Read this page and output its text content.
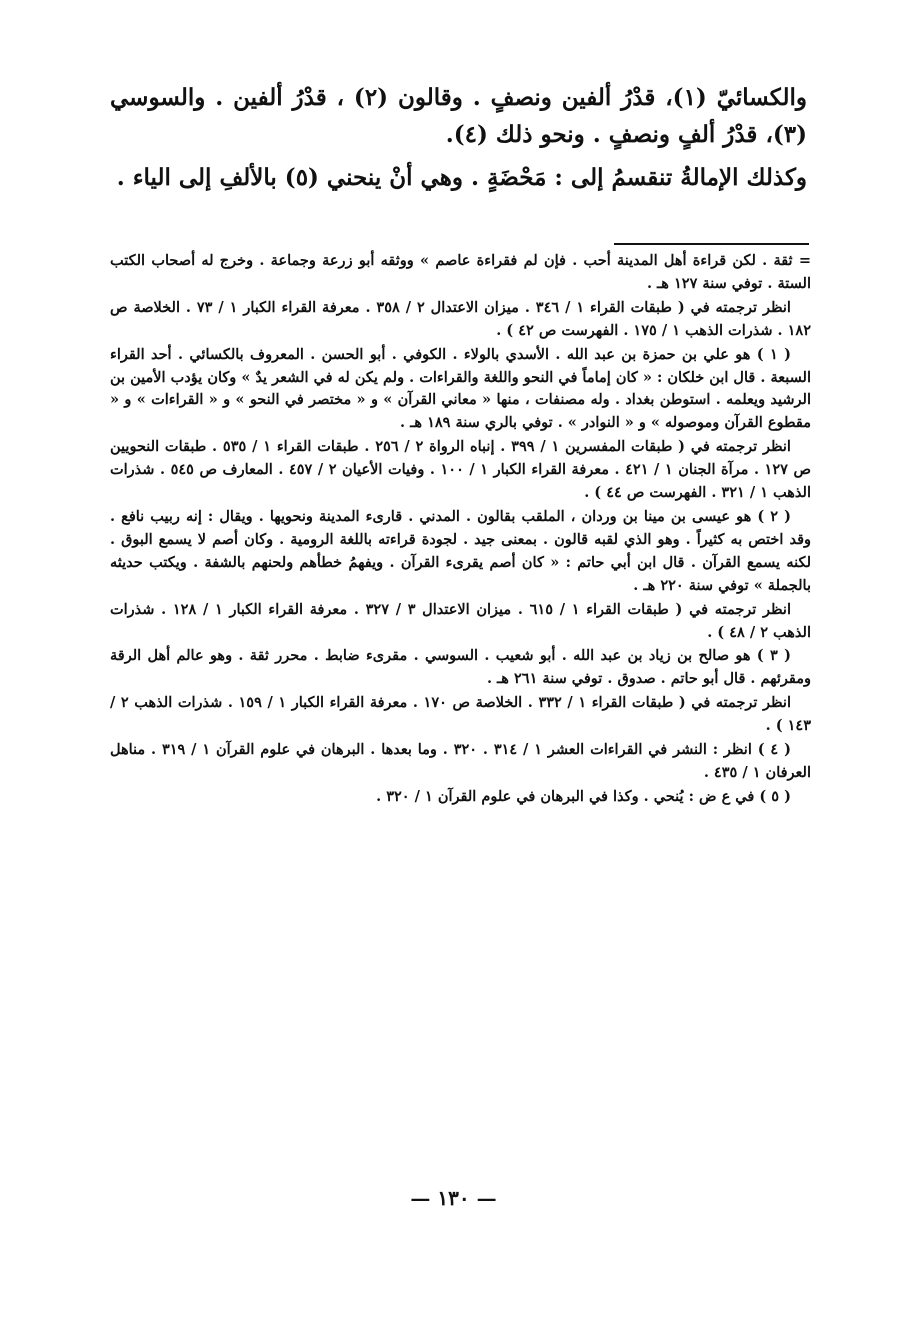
والكسائيّ (١)، قدْرُ ألفين ونصفٍ . وقالون (٢) ، قدْرُ ألفين . والسوسي (٣)، قدْرُ ألفٍ ونصفٍ . ونحو ذلك (٤).

وكذلك الإمالةُ تنقسمُ إلى : مَحْضَةٍ . وهي أنْ ينحني (٥) بالألفِ إلى الياء .

= ثقة . لكن قراءة أهل المدينة أحب . فإن لم فقراءة عاصم » ووثقه أبو زرعة وجماعة . وخرج له أصحاب الكتب الستة . توفي سنة ١٢٧ هـ .

انظر ترجمته في ( طبقات القراء ١ / ٣٤٦ . ميزان الاعتدال ٢ / ٣٥٨ . معرفة القراء الكبار ١ / ٧٣ . الخلاصة ص ١٨٢ . شذرات الذهب ١ / ١٧٥ . الفهرست ص ٤٢ ) .

( ١ ) هو علي بن حمزة بن عبد الله . الأسدي بالولاء . الكوفي . أبو الحسن . المعروف بالكسائي . أحد القراء السبعة . قال ابن خلكان : « كان إماماً في النحو واللغة والقراءات . ولم يكن له في الشعر يدٌ » وكان يؤدب الأمين بن الرشيد ويعلمه . استوطن بغداد . وله مصنفات ، منها « معاني القرآن » و « مختصر في النحو » و « القراءات » و « مقطوع القرآن وموصوله » و « النوادر » . توفي بالري سنة ١٨٩ هـ .

انظر ترجمته في ( طبقات المفسرين ١ / ٣٩٩ . إنباه الرواة ٢ / ٢٥٦ . طبقات القراء ١ / ٥٣٥ . طبقات النحويين ص ١٢٧ . مرآة الجنان ١ / ٤٢١ . معرفة القراء الكبار ١ / ١٠٠ . وفيات الأعيان ٢ / ٤٥٧ . المعارف ص ٥٤٥ . شذرات الذهب ١ / ٣٢١ . الفهرست ص ٤٤ ) .

( ٢ ) هو عيسى بن مينا بن وردان ، الملقب بقالون . المدني . قارىء المدينة ونحويها . ويقال : إنه ربيب نافع . وقد اختص به كثيراً . وهو الذي لقبه قالون . بمعنى جيد . لجودة قراءته باللغة الرومية . وكان أصم لا يسمع البوق . لكنه يسمع القرآن . قال ابن أبي حاتم : « كان أصم يقرىء القرآن . ويفهمُ خطأهم ولحنهم بالشفة . ويكتب حديثه بالجملة » توفي سنة ٢٢٠ هـ .

انظر ترجمته في ( طبقات القراء ١ / ٦١٥ . ميزان الاعتدال ٣ / ٣٢٧ . معرفة القراء الكبار ١ / ١٢٨ . شذرات الذهب ٢ / ٤٨ ) .

( ٣ ) هو صالح بن زياد بن عبد الله . أبو شعيب . السوسي . مقرىء ضابط . محرر ثقة . وهو عالم أهل الرقة ومقرئهم . قال أبو حاتم . صدوق . توفي سنة ٢٦١ هـ .

انظر ترجمته في ( طبقات القراء ١ / ٣٣٢ . الخلاصة ص ١٧٠ . معرفة القراء الكبار ١ / ١٥٩ . شذرات الذهب ٢ / ١٤٣ ) .

( ٤ ) انظر : النشر في القراءات العشر ١ / ٣١٤ . ٣٢٠ . وما بعدها . البرهان في علوم القرآن ١ / ٣١٩ . مناهل العرفان ١ / ٤٣٥ .

( ٥ ) في ع ض : يُنحي . وكذا في البرهان في علوم القرآن ١ / ٣٢٠ .

— ١٣٠ —
